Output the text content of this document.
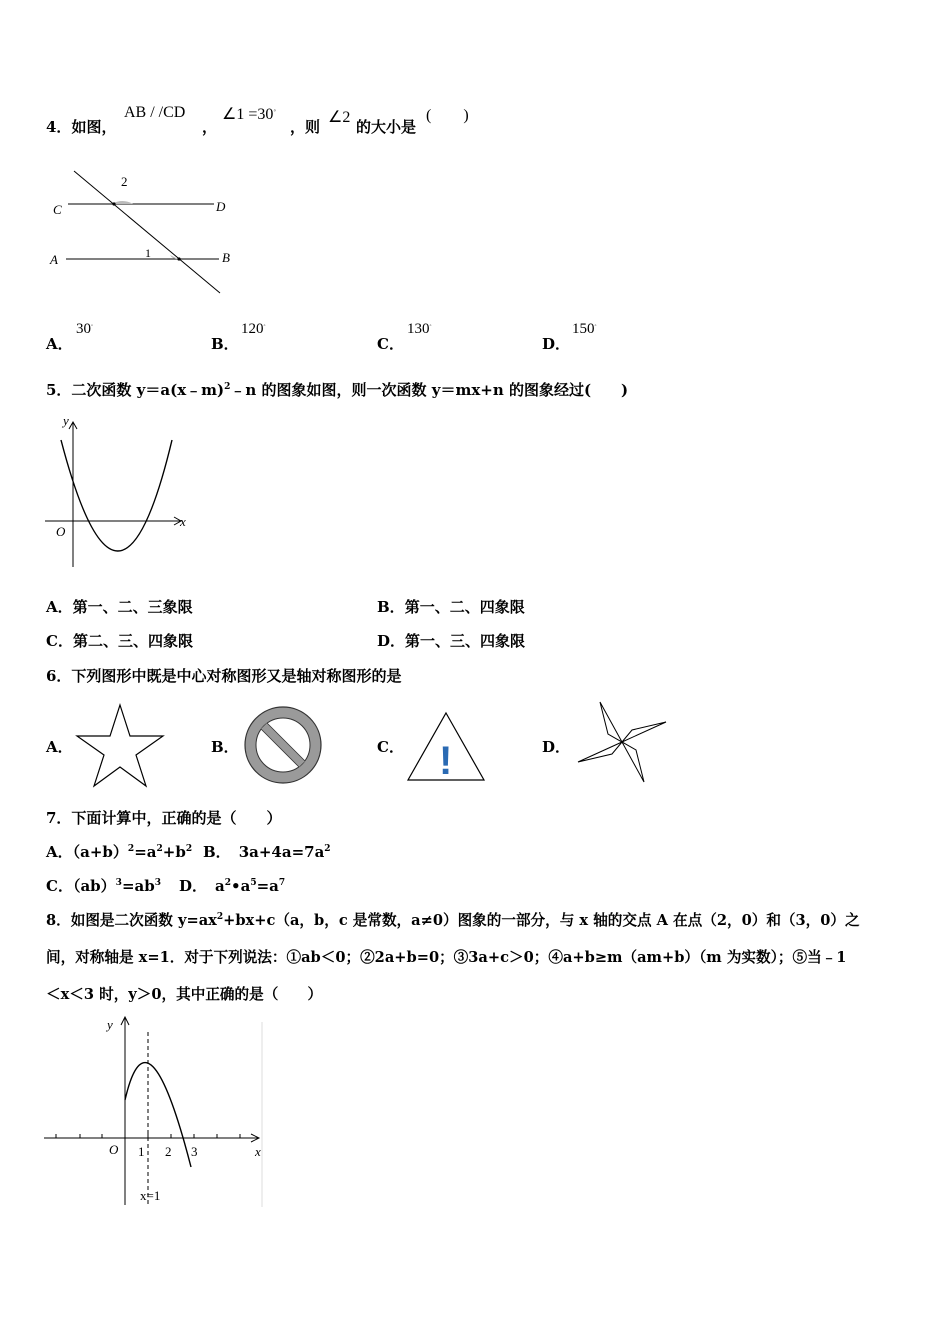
4．如图，
AB / /CD
，
∠1 =30◦
，则
∠2
的大小是
(　　)
C	D
A	B
1
2
A．
30◦
B．
120◦
C．
130◦
D．
150◦
5．二次函数 y＝a(x﹣m)$^2$﹣n 的图象如图，则一次函数 y＝mx+n 的图象经过(　　)
y
x
O
A．第一、二、三象限	B．第一、二、四象限
C．第二、三、四象限	D．第一、三、四象限
6．下列图形中既是中心对称图形又是轴对称图形的是
A．	B．	C． !	D．
7．下面计算中，正确的是（　　）
A．$(a+b)^2=a^2+b^2$ B． $3a+4a=7a^2$
C．$(ab)^3=ab^3$ D． $a^2•a^5=a^7$
8．如图是二次函数 $y=ax^2+bx+c(a$，b，c 是常数，a≠0）图象的一部分，与 x 轴的交点 A 在点（2，0）和（3，0）之
间，对称轴是 x=1．对于下列说法：①ab＜0；②2a+b=0；③3a+c＞0；④a+b≥m（am+b）（m 为实数）；⑤当﹣1
＜x＜3 时，y＞0，其中正确的是（　　）
y
x
O 1 2 3
x=1
